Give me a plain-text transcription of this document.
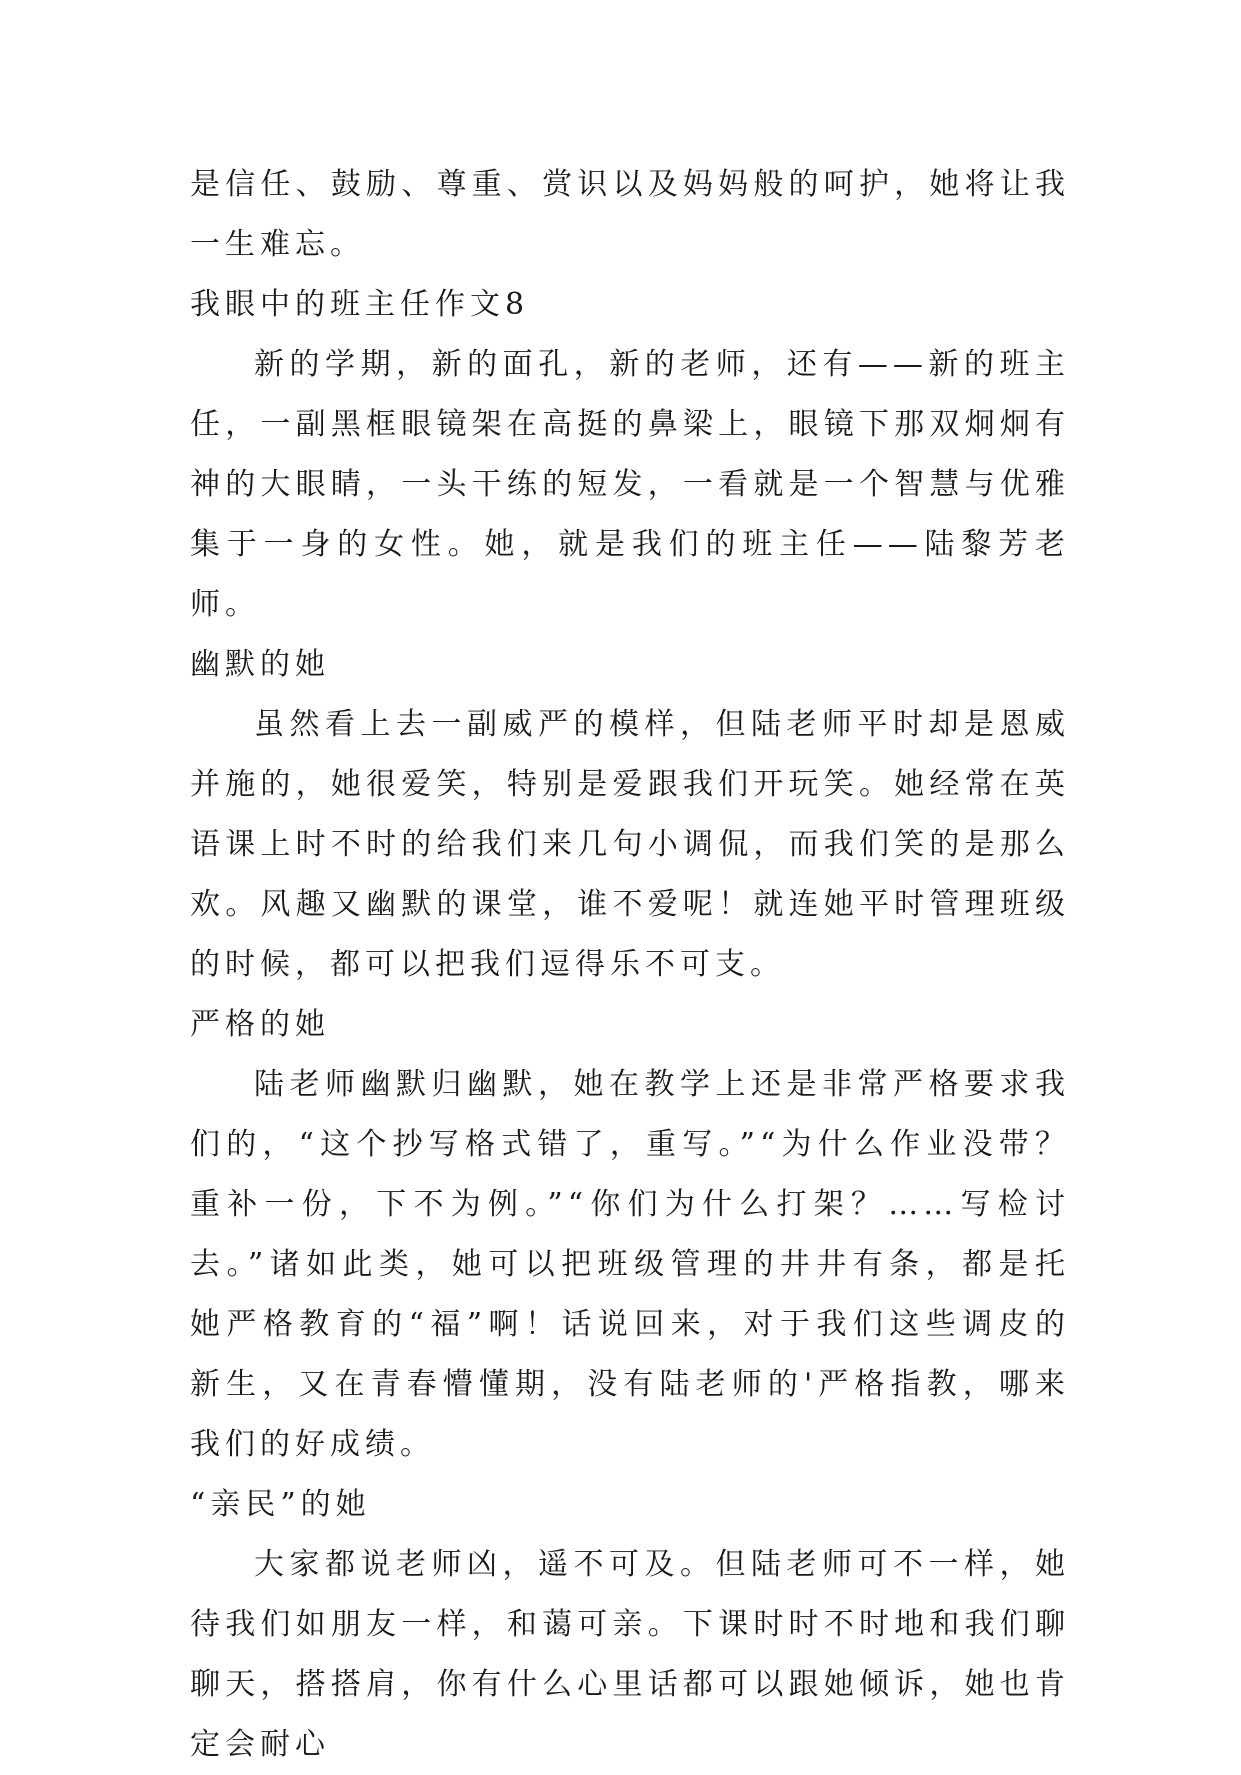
是信任、鼓励、尊重、赏识以及妈妈般的呵护，她将让我一生难忘。

我眼中的班主任作文8

新的学期，新的面孔，新的老师，还有——新的班主任，一副黑框眼镜架在高挺的鼻梁上，眼镜下那双炯炯有神的大眼睛，一头干练的短发，一看就是一个智慧与优雅集于一身的女性。她，就是我们的班主任——陆黎芳老师。

幽默的她

虽然看上去一副威严的模样，但陆老师平时却是恩威并施的，她很爱笑，特别是爱跟我们开玩笑。她经常在英语课上时不时的给我们来几句小调侃，而我们笑的是那么欢。风趣又幽默的课堂，谁不爱呢！就连她平时管理班级的时候，都可以把我们逗得乐不可支。

严格的她

陆老师幽默归幽默，她在教学上还是非常严格要求我们的，“这个抄写格式错了，重写。”“为什么作业没带？重补一份，下不为例。”“你们为什么打架？……写检讨去。”诸如此类，她可以把班级管理的井井有条，都是托她严格教育的“福”啊！话说回来，对于我们这些调皮的新生，又在青春懵懂期，没有陆老师的'严格指教，哪来我们的好成绩。

“亲民”的她

大家都说老师凶，遥不可及。但陆老师可不一样，她待我们如朋友一样，和蔼可亲。下课时时不时地和我们聊聊天，搭搭肩，你有什么心里话都可以跟她倾诉，她也肯定会耐心
